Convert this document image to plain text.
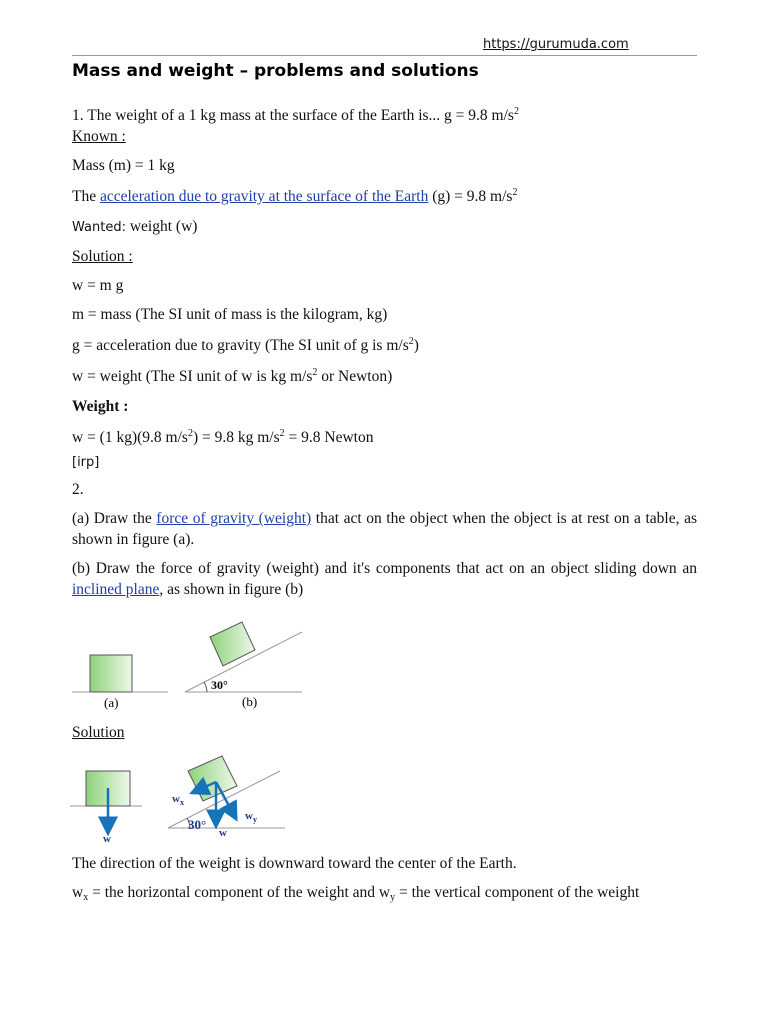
https://gurumuda.com
Mass and weight – problems and solutions

1. The weight of a 1 kg mass at the surface of the Earth is... g = 9.8 $m/s^2$

Known :

Mass (m) = 1 kg

The acceleration due to gravity at the surface of the Earth (g) = 9.8 $m/s^2$

Wanted: weight (w)

Solution :

w = m g

m = mass (The SI unit of mass is the kilogram, kg)

g = acceleration due to gravity (The SI unit of g is $m/s^2$)

w = weight (The SI unit of w is kg $m/s^2$ or Newton)

Weight :

w = (1 kg)(9.8 $m/s^2) = 9.8$ kg $m/s^2 = 9.8$ Newton

[irp]

2.

(a) Draw the force of gravity (weight) that act on the object when the object is at rest on a table, as shown in figure (a).

(b) Draw the force of gravity (weight) and it's components that act on an object sliding down an inclined plane, as shown in figure (b)

(a)
30°
(b)
Solution
w
$w_x$
$w_y$
30°
w
The direction of the weight is downward toward the center of the Earth.
$w_x$ = the horizontal component of the weight and $w_y$ = the vertical component of the weight
